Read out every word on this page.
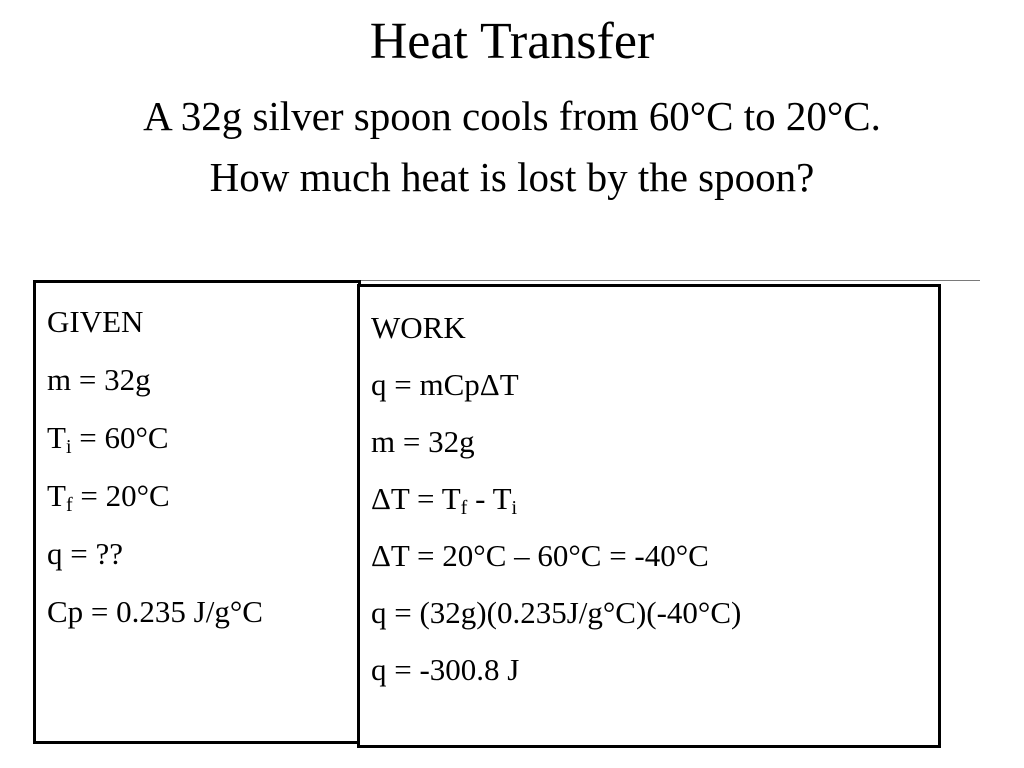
Heat Transfer

A 32g silver spoon cools from 60°C to 20°C. How much heat is lost by the spoon?

GIVEN
m = 32g
$T_i = 60^\circ C$
$T_f = 20^\circ C$
q = ??
Cp = 0.235 J/g°C
WORK
q = mCpΔT
m = 32g
$\Delta T = T_f - T_i$
ΔT = 20°C – 60°C = -40°C
q = (32g)(0.235J/g°C)(-40°C)
q = -300.8 J
